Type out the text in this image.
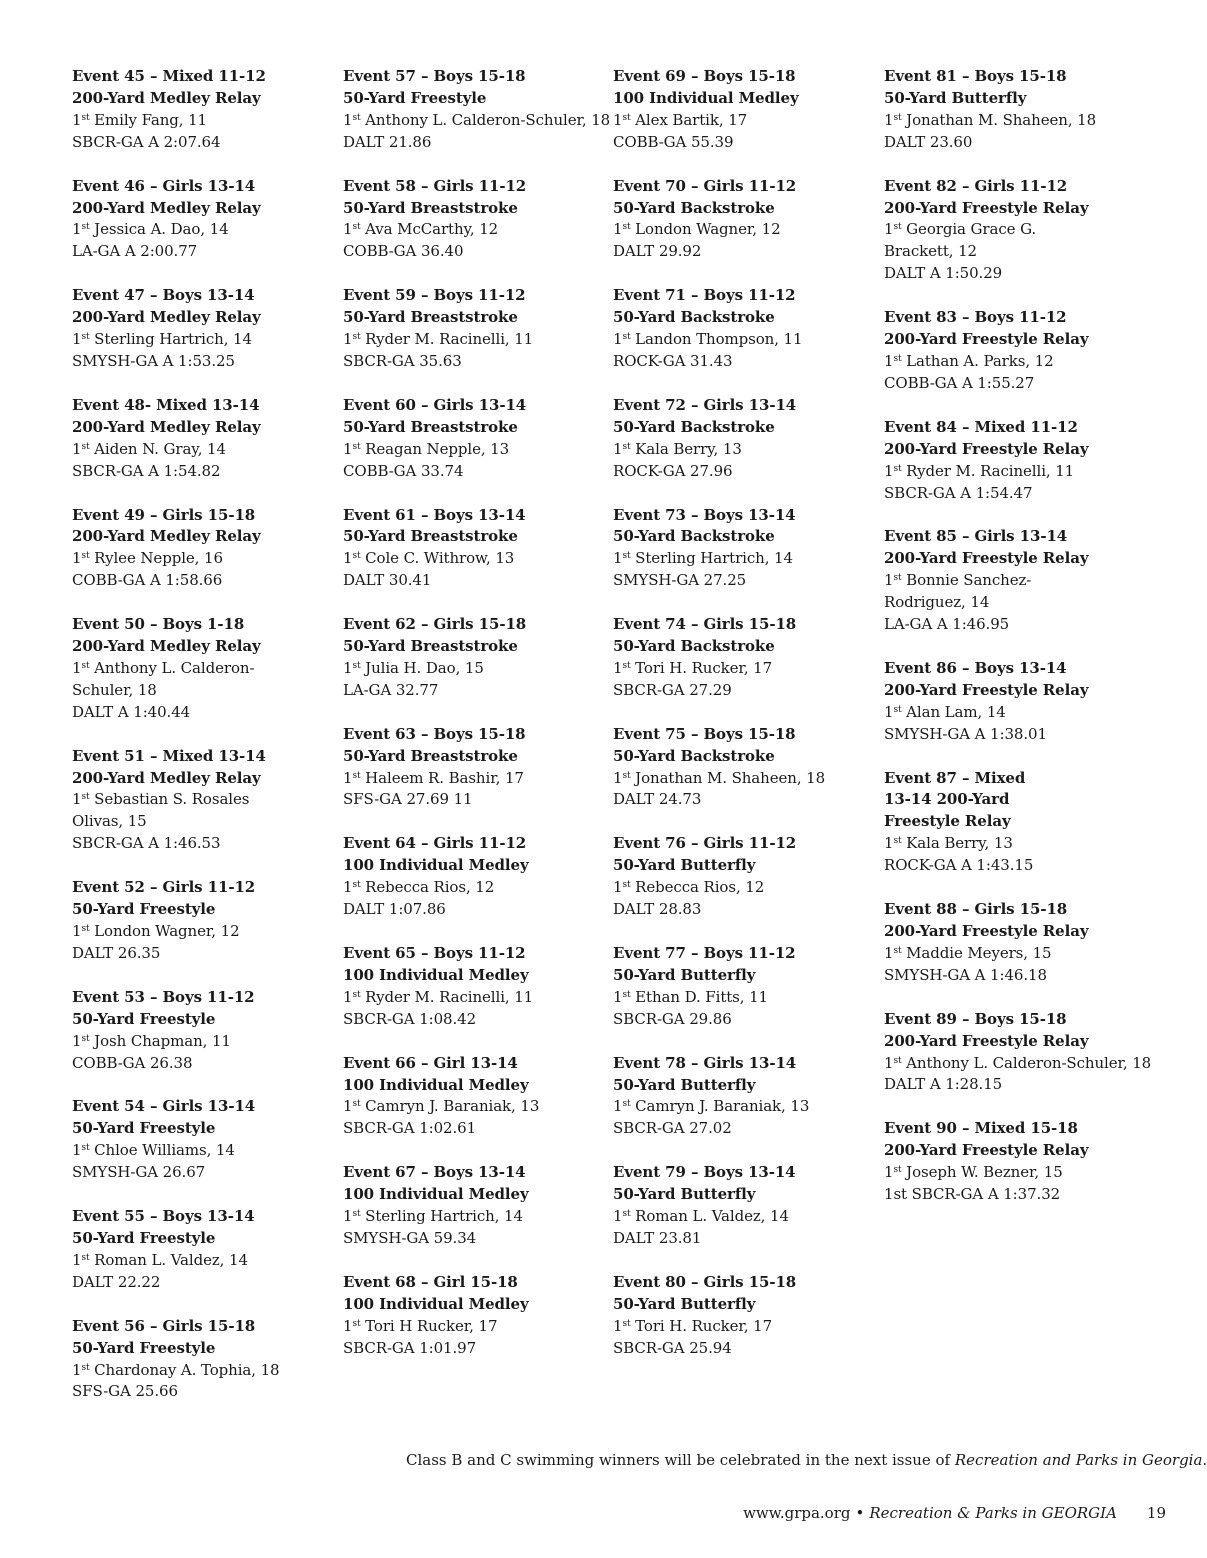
Event 45 – Mixed 11-12
200-Yard Medley Relay
1st Emily Fang, 11
SBCR-GA A 2:07.64
Event 46 – Girls 13-14
200-Yard Medley Relay
1st Jessica A. Dao, 14
LA-GA A 2:00.77
Event 47 – Boys 13-14
200-Yard Medley Relay
1st Sterling Hartrich, 14
SMYSH-GA A 1:53.25
Event 48- Mixed 13-14
200-Yard Medley Relay
1st Aiden N. Gray, 14
SBCR-GA A 1:54.82
Event 49 – Girls 15-18
200-Yard Medley Relay
1st Rylee Nepple, 16
COBB-GA A 1:58.66
Event 50 – Boys 1-18
200-Yard Medley Relay
1st Anthony L. Calderon-
Schuler, 18
DALT A 1:40.44
Event 51 – Mixed 13-14
200-Yard Medley Relay
1st Sebastian S. Rosales
Olivas, 15
SBCR-GA A 1:46.53
Event 52 – Girls 11-12
50-Yard Freestyle
1st London Wagner, 12
DALT 26.35
Event 53 – Boys 11-12
50-Yard Freestyle
1st Josh Chapman, 11
COBB-GA 26.38
Event 54 – Girls 13-14
50-Yard Freestyle
1st Chloe Williams, 14
SMYSH-GA 26.67
Event 55 – Boys 13-14
50-Yard Freestyle
1st Roman L. Valdez, 14
DALT 22.22
Event 56 – Girls 15-18
50-Yard Freestyle
1st Chardonay A. Tophia, 18
SFS-GA 25.66
Event 57 – Boys 15-18
50-Yard Freestyle
1st Anthony L. Calderon-Schuler, 18
DALT 21.86
Event 58 – Girls 11-12
50-Yard Breaststroke
1st Ava McCarthy, 12
COBB-GA 36.40
Event 59 – Boys 11-12
50-Yard Breaststroke
1st Ryder M. Racinelli, 11
SBCR-GA 35.63
Event 60 – Girls 13-14
50-Yard Breaststroke
1st Reagan Nepple, 13
COBB-GA 33.74
Event 61 – Boys 13-14
50-Yard Breaststroke
1st Cole C. Withrow, 13
DALT 30.41
Event 62 – Girls 15-18
50-Yard Breaststroke
1st Julia H. Dao, 15
LA-GA 32.77
Event 63 – Boys 15-18
50-Yard Breaststroke
1st Haleem R. Bashir, 17
SFS-GA 27.69 11
Event 64 – Girls 11-12
100 Individual Medley
1st Rebecca Rios, 12
DALT 1:07.86
Event 65 – Boys 11-12
100 Individual Medley
1st Ryder M. Racinelli, 11
SBCR-GA 1:08.42
Event 66 – Girl 13-14
100 Individual Medley
1st Camryn J. Baraniak, 13
SBCR-GA 1:02.61
Event 67 – Boys 13-14
100 Individual Medley
1st Sterling Hartrich, 14
SMYSH-GA 59.34
Event 68 – Girl 15-18
100 Individual Medley
1st Tori H Rucker, 17
SBCR-GA 1:01.97
Event 69 – Boys 15-18
100 Individual Medley
1st Alex Bartik, 17
COBB-GA 55.39
Event 70 – Girls 11-12
50-Yard Backstroke
1st London Wagner, 12
DALT 29.92
Event 71 – Boys 11-12
50-Yard Backstroke
1st Landon Thompson, 11
ROCK-GA 31.43
Event 72 – Girls 13-14
50-Yard Backstroke
1st Kala Berry, 13
ROCK-GA 27.96
Event 73 – Boys 13-14
50-Yard Backstroke
1st Sterling Hartrich, 14
SMYSH-GA 27.25
Event 74 – Girls 15-18
50-Yard Backstroke
1st Tori H. Rucker, 17
SBCR-GA 27.29
Event 75 – Boys 15-18
50-Yard Backstroke
1st Jonathan M. Shaheen, 18
DALT 24.73
Event 76 – Girls 11-12
50-Yard Butterfly
1st Rebecca Rios, 12
DALT 28.83
Event 77 – Boys 11-12
50-Yard Butterfly
1st Ethan D. Fitts, 11
SBCR-GA 29.86
Event 78 – Girls 13-14
50-Yard Butterfly
1st Camryn J. Baraniak, 13
SBCR-GA 27.02
Event 79 – Boys 13-14
50-Yard Butterfly
1st Roman L. Valdez, 14
DALT 23.81
Event 80 – Girls 15-18
50-Yard Butterfly
1st Tori H. Rucker, 17
SBCR-GA 25.94
Event 81 – Boys 15-18
50-Yard Butterfly
1st Jonathan M. Shaheen, 18
DALT 23.60
Event 82 – Girls 11-12
200-Yard Freestyle Relay
1st Georgia Grace G.
Brackett, 12
DALT A 1:50.29
Event 83 – Boys 11-12
200-Yard Freestyle Relay
1st Lathan A. Parks, 12
COBB-GA A 1:55.27
Event 84 – Mixed 11-12
200-Yard Freestyle Relay
1st Ryder M. Racinelli, 11
SBCR-GA A 1:54.47
Event 85 – Girls 13-14
200-Yard Freestyle Relay
1st Bonnie Sanchez-
Rodriguez, 14
LA-GA A 1:46.95
Event 86 – Boys 13-14
200-Yard Freestyle Relay
1st Alan Lam, 14
SMYSH-GA A 1:38.01
Event 87 – Mixed
13-14 200-Yard
Freestyle Relay
1st Kala Berry, 13
ROCK-GA A 1:43.15
Event 88 – Girls 15-18
200-Yard Freestyle Relay
1st Maddie Meyers, 15
SMYSH-GA A 1:46.18
Event 89 – Boys 15-18
200-Yard Freestyle Relay
1st Anthony L. Calderon-Schuler, 18
DALT A 1:28.15
Event 90 – Mixed 15-18
200-Yard Freestyle Relay
1st Joseph W. Bezner, 15
1st SBCR-GA A 1:37.32
Class B and C swimming winners will be celebrated in the next issue of Recreation and Parks in Georgia.
www.grpa.org • Recreation & Parks in GEORGIA 19
